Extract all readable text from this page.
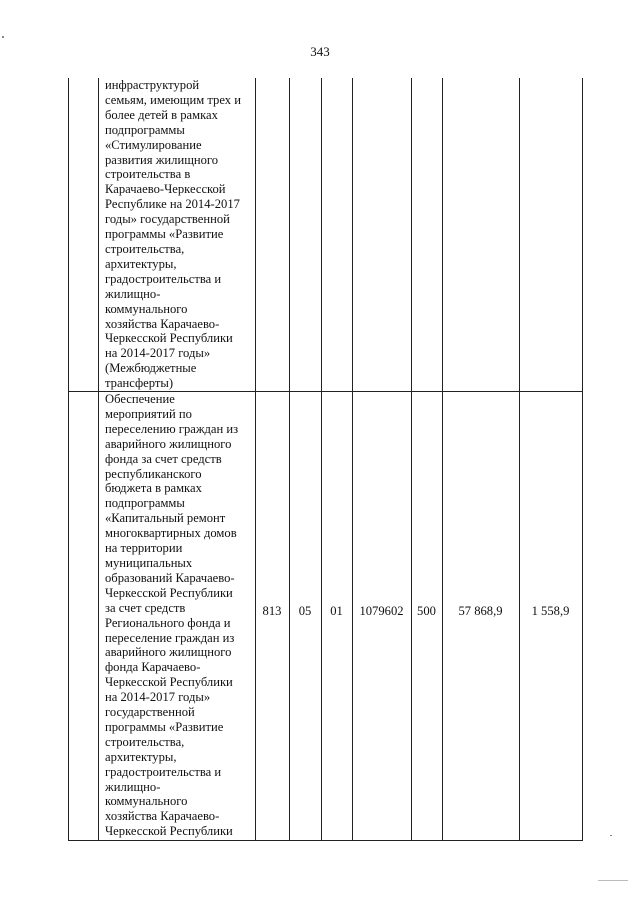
343
инфраструктурой
семьям, имеющим трех и
более детей в рамках
подпрограммы
«Стимулирование
развития жилищного
строительства в
Карачаево-Черкесской
Республике на 2014-2017
годы» государственной
программы «Развитие
строительства,
архитектуры,
градостроительства и
жилищно-
коммунального
хозяйства Карачаево-
Черкесской Республики
на 2014-2017 годы»
(Межбюджетные
трансферты)
Обеспечение
мероприятий по
переселению граждан из
аварийного жилищного
фонда за счет средств
республиканского
бюджета в рамках
подпрограммы
«Капитальный ремонт
многоквартирных домов
на территории
муниципальных
образований Карачаево-
Черкесской Республики
за счет средств
Регионального фонда и
переселение граждан из
аварийного жилищного
фонда Карачаево-
Черкесской Республики
на 2014-2017 годы»
государственной
программы «Развитие
строительства,
архитектуры,
градостроительства и
жилищно-
коммунального
хозяйства Карачаево-
Черкесской Республики
813	05	01	1079602	500	57 868,9	1 558,9
